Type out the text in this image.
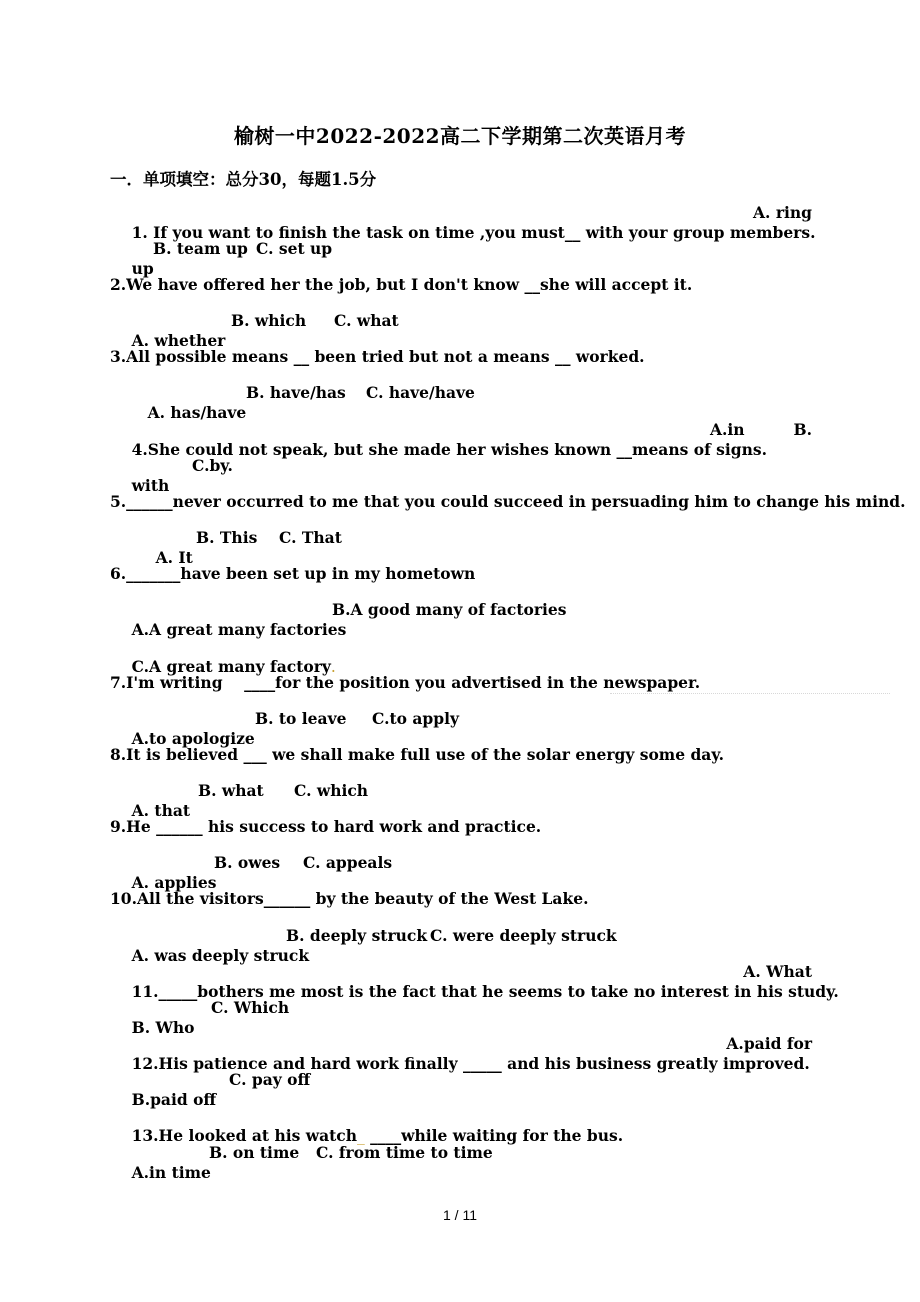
榆树一中2022-2022高二下学期第二次英语月考
一．单项填空：总分30，每题1.5分

1. If you want to finish the task on time ,you must__ with your group members.

A. ring

up

B. team up

C. set up

2.We have offered her the job, but I don't know __she will accept it.

A. whether

B. which

C. what

3.All possible means __ been tried but not a means __ worked.

A. has/have

B. have/has

C. have/have

4.She could not speak, but she made her wishes known __means of signs.

A.in

	B.

with

C.by.

5.______never occurred to me that you could succeed in persuading him to change his mind.

A. It

B. This

C. That

6._______have been set up in my hometown

A.A great many factories

B.A good many of factories

C.A great many factory.

7.I'm writing    ____for the position you advertised in the newspaper.

A.to apologize

B. to leave

C.to apply

8.It is believed ___ we shall make full use of the solar energy some day.

A. that

B. what

C. which

9.He ______ his success to hard work and practice.

A. applies

B. owes

C. appeals

10.All the visitors______ by the beauty of the West Lake.

A. was deeply struck

B. deeply struck

C. were deeply struck

11._____bothers me most is the fact that he seems to take no interest in his study.

A. What

B. Who

C. Which

12.His patience and hard work finally _____ and his business greatly improved.

A.paid for

B.paid off

C. pay off

13.He looked at his watch_ ____while waiting for the bus.

A.in time

B. on time

C. from time to time

1 / 11
